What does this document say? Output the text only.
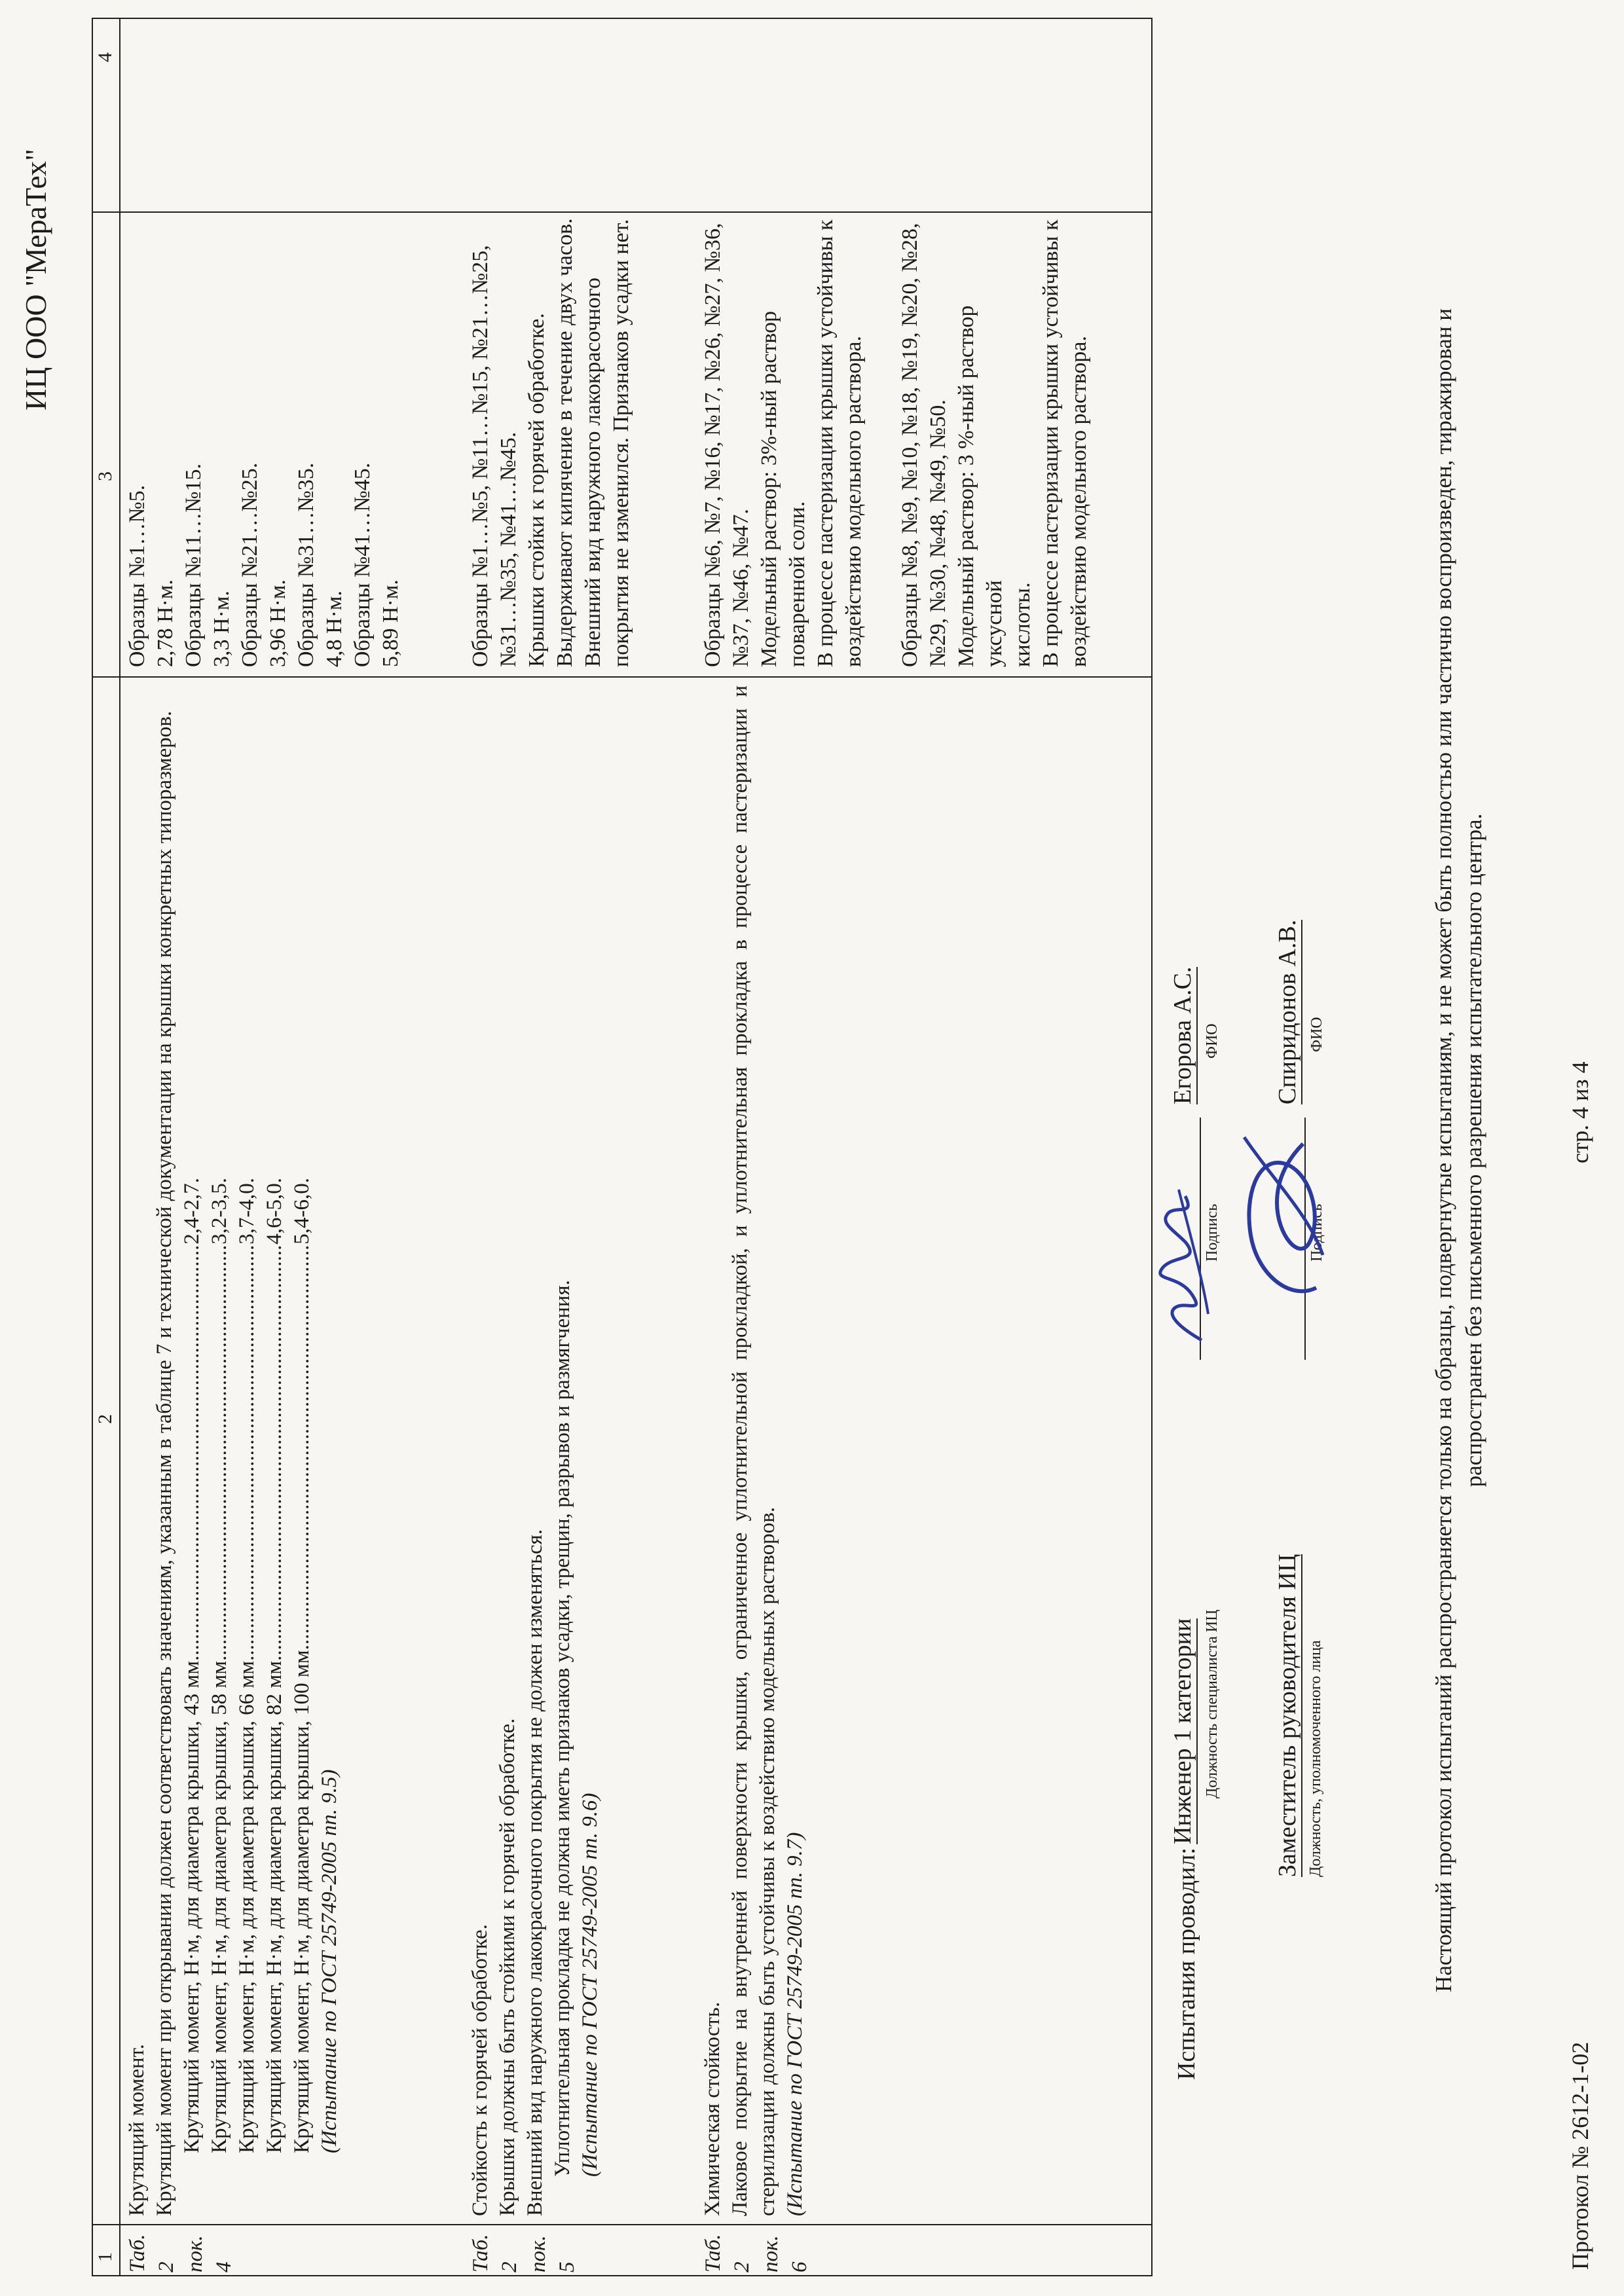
ИЦ ООО "МераТех"
1
2
3
4
Таб. 2 пок. 4
Крутящий момент. Крутящий момент при открывании должен соответствовать значениям, указанным в таблице 7 и технической документации на крышки конкретных типоразмеров. Крутящий момент, Н·м, для диаметра крышки, 43 мм
.....
2,4-2,7.
Крутящий момент, Н·м, для диаметра крышки, 58 мм
.....
3,2-3,5.
Крутящий момент, Н·м, для диаметра крышки, 66 мм
.....
3,7-4,0.
Крутящий момент, Н·м, для диаметра крышки, 82 мм
.....
4,6-5,0.
Крутящий момент, Н·м, для диаметра крышки, 100 мм
.....
5,4-6,0.
(Испытание по ГОСТ 25749-2005 пп. 9.5)
Образцы №1…№5. 2,78 Н·м. Образцы №11…№15. 3,3 Н·м. Образцы №21…№25. 3,96 Н·м. Образцы №31…№35. 4,8 Н·м. Образцы №41…№45. 5,89 Н·м.
Таб. 2 пок. 5
Стойкость к горячей обработке. Крышки должны быть стойкими к горячей обработке. Внешний вид наружного лакокрасочного покрытия не должен изменяться. Уплотнительная прокладка не должна иметь признаков усадки, трещин, разрывов и размягчения. (Испытание по ГОСТ 25749-2005 пп. 9.6)
Образцы №1…№5, №11…№15, №21…№25, №31…№35, №41…№45. Крышки стойки к горячей обработке. Выдерживают кипячение в течение двух часов. Внешний вид наружного лакокрасочного покрытия не изменился. Признаков усадки нет.
Таб. 2 пок. 6
Химическая стойкость. Лаковое покрытие на внутренней поверхности крышки, ограниченное уплотнительной прокладкой, и уплотнительная прокладка в процессе пастеризации и стерилизации должны быть устойчивы к воздействию модельных растворов. (Испытание по ГОСТ 25749-2005 пп. 9.7)
Образцы №6, №7, №16, №17, №26, №27, №36, №37, №46, №47. Модельный раствор: 3%-ный раствор поваренной соли. В процессе пастеризации крышки устойчивы к воздействию модельного раствора. Образцы №8, №9, №10, №18, №19, №20, №28, №29, №30, №48, №49, №50. Модельный раствор: 3 %-ный раствор уксусной кислоты. В процессе пастеризации крышки устойчивы к воздействию модельного раствора.
Испытания проводил:
Инженер 1 категории Должность специалиста ИЦ
Подпись
Егорова А.С. ФИО
Заместитель руководителя ИЦ Должность, уполномоченного лица
Подпись
Спиридонов А.В. ФИО	Настоящий протокол испытаний распространяется только на образцы, подвергнутые испытаниям, и не может быть полностью или частично воспроизведен, тиражирован и распространен без письменного разрешения испытательного центра.
Протокол № 2612-1-02
стр. 4 из 4
